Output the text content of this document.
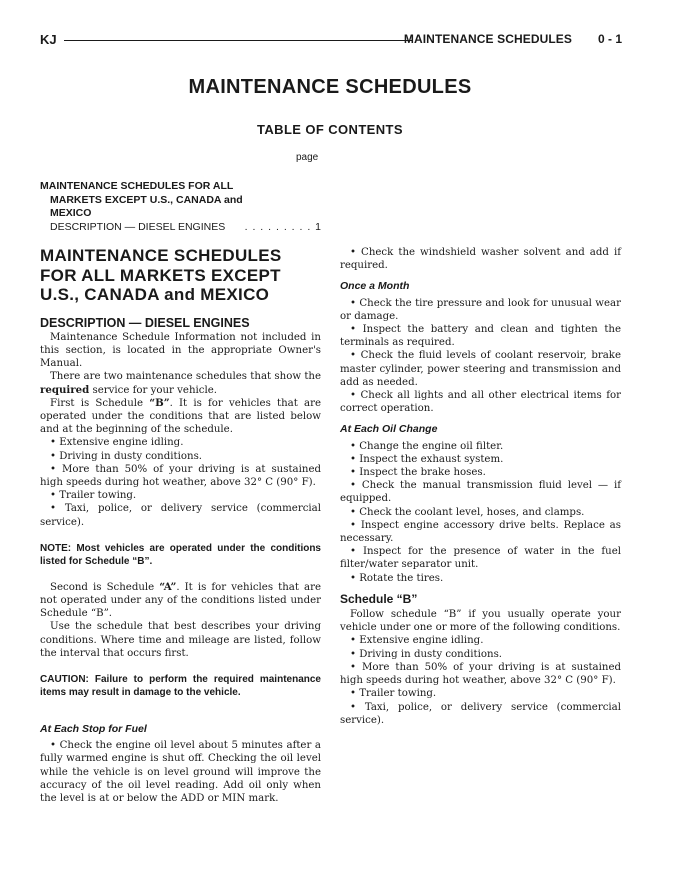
KJ	MAINTENANCE SCHEDULES 0 - 1
MAINTENANCE SCHEDULES
TABLE OF CONTENTS
page
MAINTENANCE SCHEDULES FOR ALL
MARKETS EXCEPT U.S., CANADA and
MEXICO
DESCRIPTION — DIESEL ENGINES . . . . . . . . . 1
MAINTENANCE SCHEDULES
FOR ALL MARKETS EXCEPT
U.S., CANADA and MEXICO
DESCRIPTION — DIESEL ENGINES

Maintenance Schedule Information not included in this section, is located in the appropriate Owner's Manual.

There are two maintenance schedules that show the required service for your vehicle.

First is Schedule “B”. It is for vehicles that are operated under the conditions that are listed below and at the beginning of the schedule.

• Extensive engine idling.

• Driving in dusty conditions.

• More than 50% of your driving is at sustained high speeds during hot weather, above 32° C (90° F).

• Trailer towing.

• Taxi, police, or delivery service (commercial service).

NOTE: Most vehicles are operated under the conditions listed for Schedule “B”.

Second is Schedule “A”. It is for vehicles that are not operated under any of the conditions listed under Schedule “B”.

Use the schedule that best describes your driving conditions. Where time and mileage are listed, follow the interval that occurs first.

CAUTION: Failure to perform the required maintenance items may result in damage to the vehicle.

At Each Stop for Fuel

• Check the engine oil level about 5 minutes after a fully warmed engine is shut off. Checking the oil level while the vehicle is on level ground will improve the accuracy of the oil level reading. Add oil only when the level is at or below the ADD or MIN mark.

• Check the windshield washer solvent and add if required.

Once a Month

• Check the tire pressure and look for unusual wear or damage.

• Inspect the battery and clean and tighten the terminals as required.

• Check the fluid levels of coolant reservoir, brake master cylinder, power steering and transmission and add as needed.

• Check all lights and all other electrical items for correct operation.

At Each Oil Change

• Change the engine oil filter.

• Inspect the exhaust system.

• Inspect the brake hoses.

• Check the manual transmission fluid level — if equipped.

• Check the coolant level, hoses, and clamps.

• Inspect engine accessory drive belts. Replace as necessary.

• Inspect for the presence of water in the fuel filter/water separator unit.

• Rotate the tires.

Schedule “B”

Follow schedule “B” if you usually operate your vehicle under one or more of the following conditions.

• Extensive engine idling.

• Driving in dusty conditions.

• More than 50% of your driving is at sustained high speeds during hot weather, above 32° C (90° F).

• Trailer towing.

• Taxi, police, or delivery service (commercial service).
